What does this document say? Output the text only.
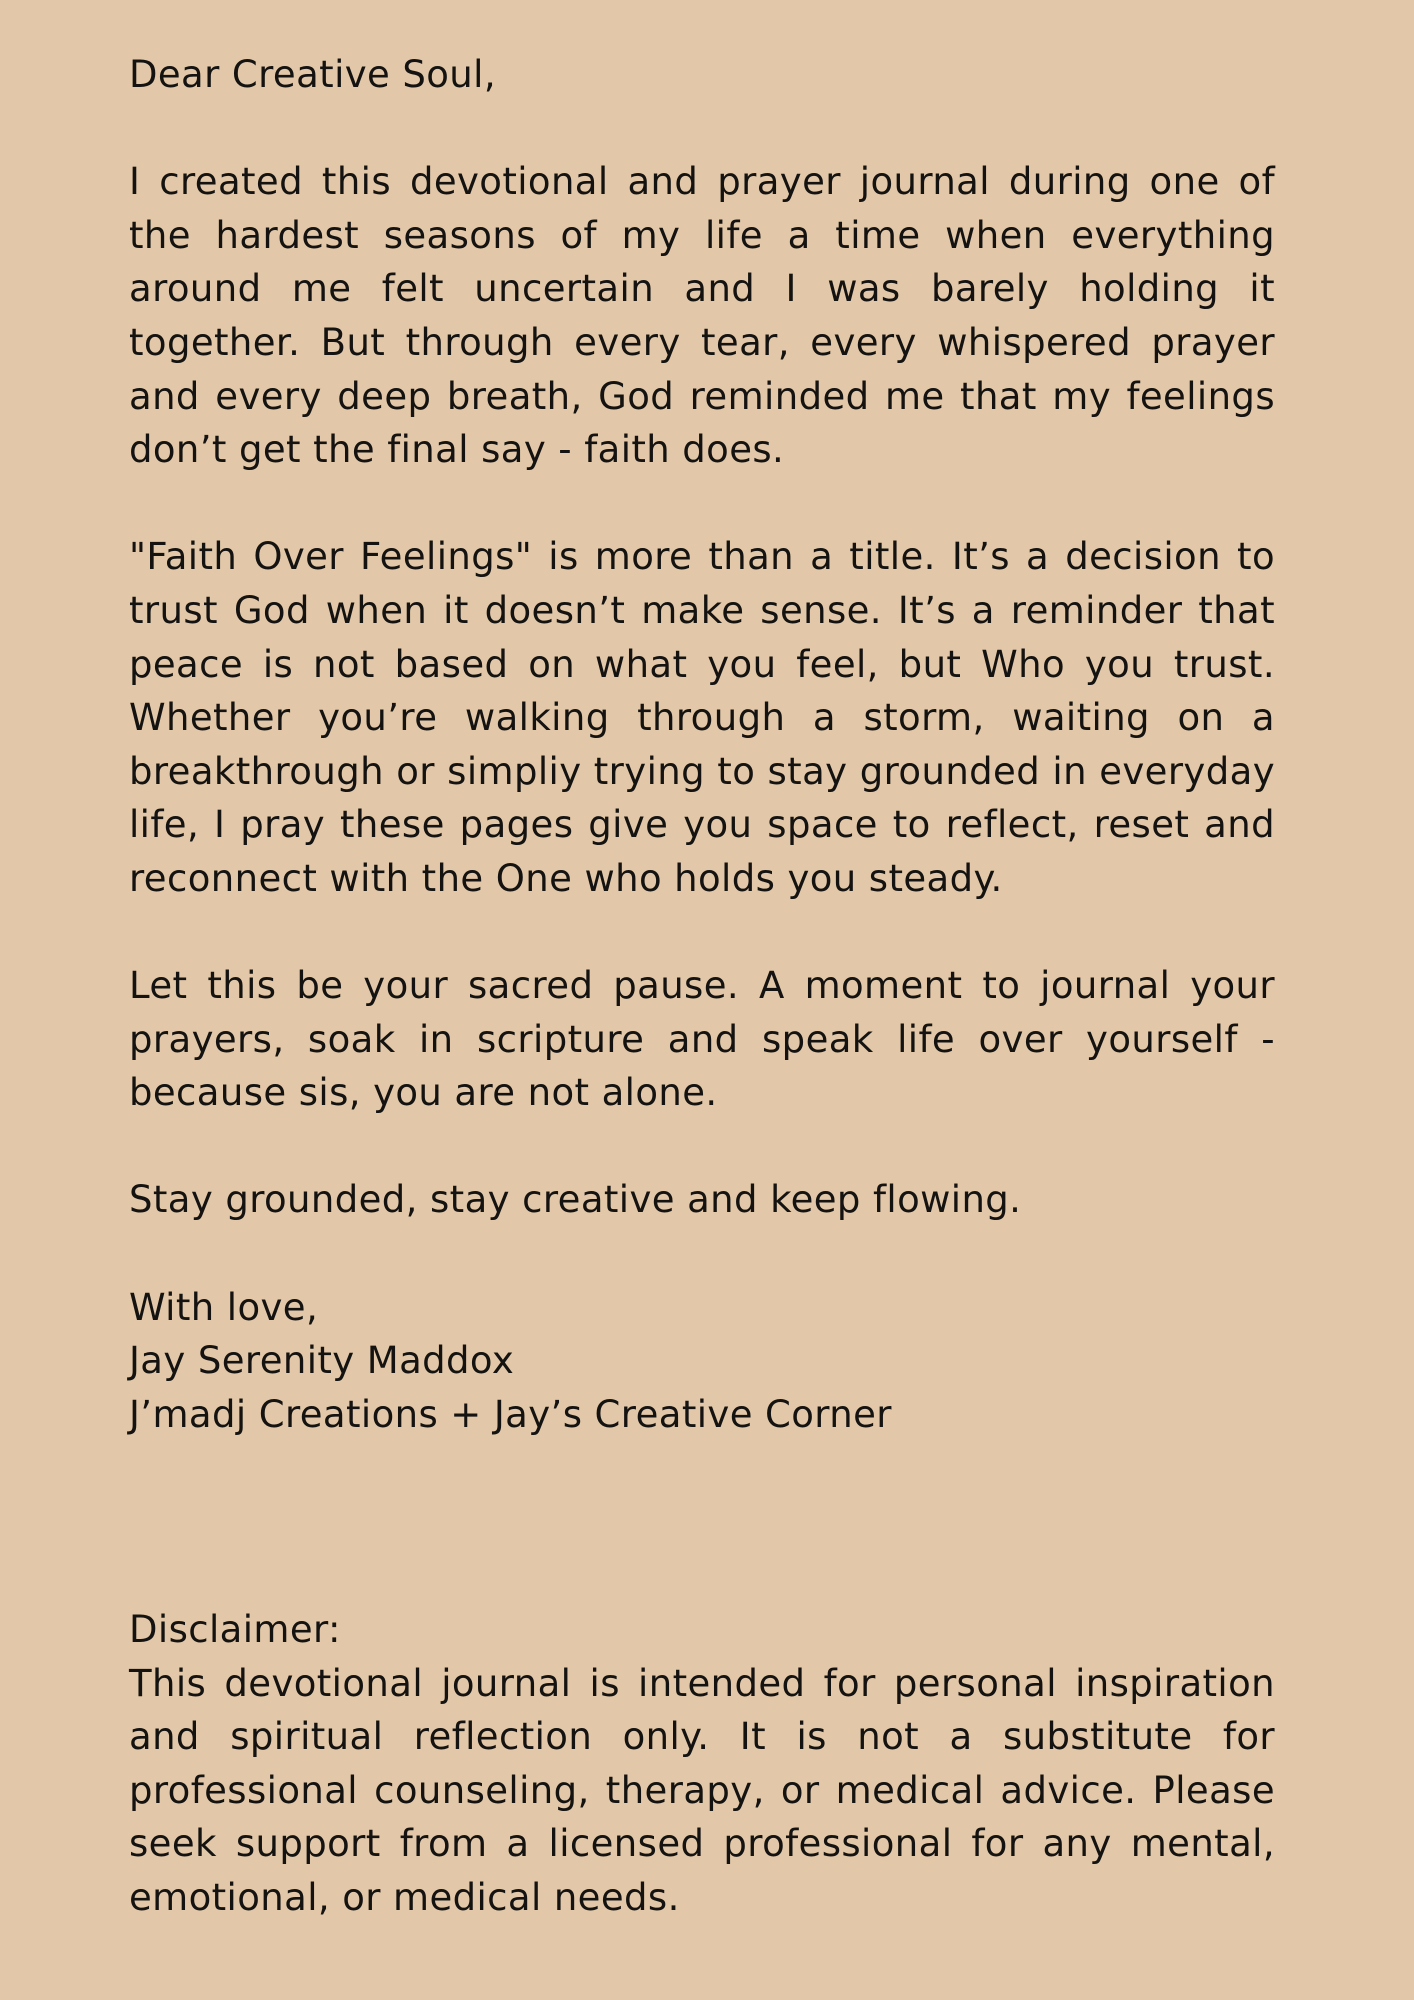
Dear Creative Soul,

I created this devotional and prayer journal during one of the hardest seasons of my life a time when everything around me felt uncertain and I was barely holding it together. But through every tear, every whispered prayer and every deep breath, God reminded me that my feelings don’t get the final say - faith does.

"Faith Over Feelings" is more than a title. It’s a decision to trust God when it doesn’t make sense. It’s a reminder that peace is not based on what you feel, but Who you trust. Whether you’re walking through a storm, waiting on a breakthrough or simpliy trying to stay grounded in everyday life, I pray these pages give you space to reflect, reset and reconnect with the One who holds you steady.

Let this be your sacred pause. A moment to journal your prayers, soak in scripture and speak life over yourself - because sis, you are not alone.

Stay grounded, stay creative and keep flowing.
With love,
Jay Serenity Maddox
J’madj Creations + Jay’s Creative Corner
Disclaimer:
This devotional journal is intended for personal inspiration and spiritual reflection only. It is not a substitute for professional counseling, therapy, or medical advice. Please seek support from a licensed professional for any mental, emotional, or medical needs.
